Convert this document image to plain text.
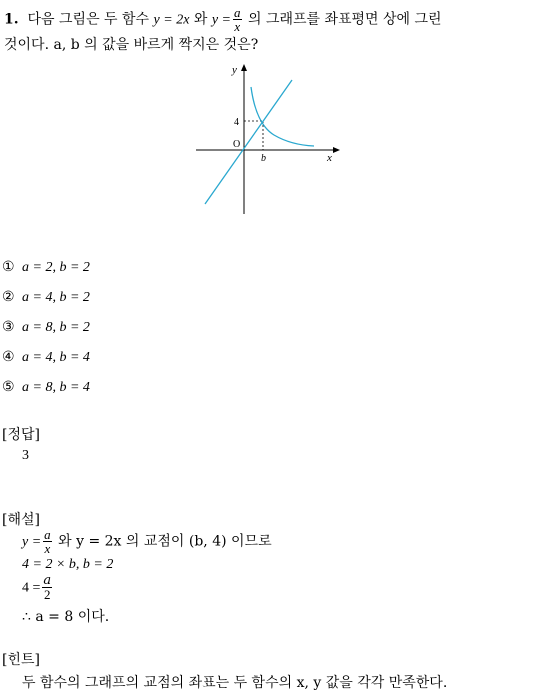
1. 다음 그림은 두 함수 y = 2x 와 $y = \frac{a}{x}$ 의 그래프를 좌표평면 상에 그린
것이다. a, b 의 값을 바르게 짝지은 것은?
y
x
O
4
b
① a = 2, b = 2
② a = 4, b = 2
③ a = 8, b = 2
④ a = 4, b = 4
⑤ a = 8, b = 4
[정답]
3
[해설]
$y = \frac{a}{x}$ 와 y = 2x 의 교점이 (b, 4) 이므로
4 = 2 × b, b = 2
$4 = \frac{a}{2}$
∴ a = 8 이다.
[힌트]
두 함수의 그래프의 교점의 좌표는 두 함수의 x, y 값을 각각 만족한다.
